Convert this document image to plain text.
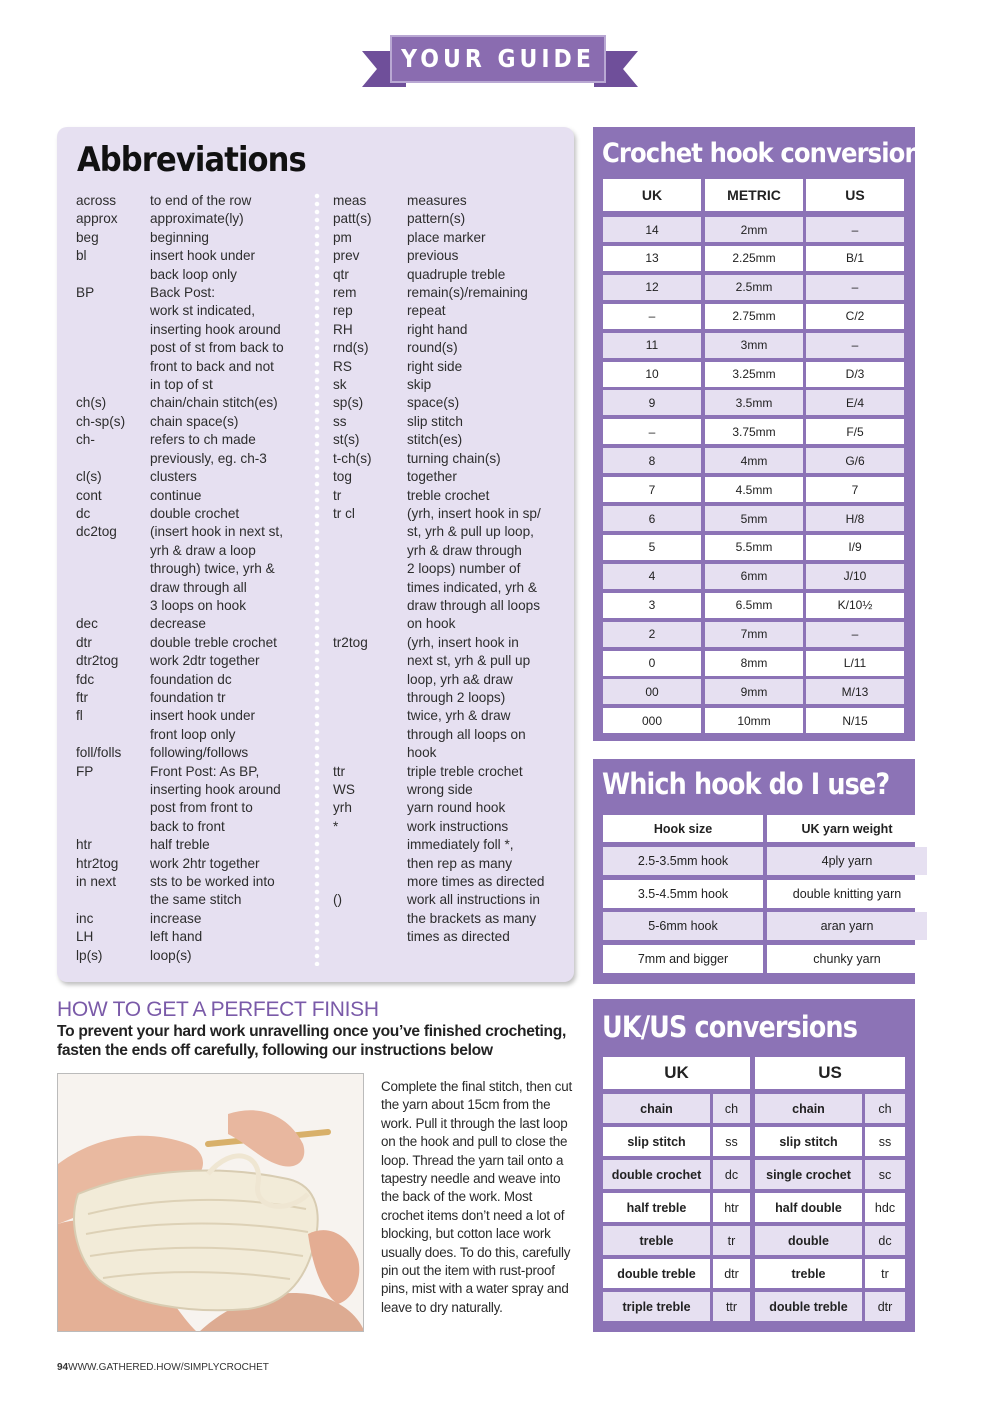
YOUR GUIDE
Abbreviations
across	to end of the row
approx	approximate(ly)
beg	beginning
bl	insert hook under
back loop only
BP	Back Post:
work st indicated,
inserting hook around
post of st from back to
front to back and not
in top of st
ch(s)	chain/chain stitch(es)
ch-sp(s)	chain space(s)
ch-	refers to ch made
previously, eg. ch-3
cl(s)	clusters
cont	continue
dc	double crochet
dc2tog	(insert hook in next st,
yrh & draw a loop
through) twice, yrh &
draw through all
3 loops on hook
dec	decrease
dtr	double treble crochet
dtr2tog	work 2dtr together
fdc	foundation dc
ftr	foundation tr
fl	insert hook under
front loop only
foll/folls	following/follows
FP	Front Post: As BP,
inserting hook around
post from front to
back to front
htr	half treble
htr2tog	work 2htr together
in next	sts to be worked into
the same stitch
inc	increase
LH	left hand
lp(s)	loop(s)
meas	measures
patt(s)	pattern(s)
pm	place marker
prev	previous
qtr	quadruple treble
rem	remain(s)/remaining
rep	repeat
RH	right hand
rnd(s)	round(s)
RS	right side
sk	skip
sp(s)	space(s)
ss	slip stitch
st(s)	stitch(es)
t-ch(s)	turning chain(s)
tog	together
tr	treble crochet
tr cl	(yrh, insert hook in sp/
st, yrh & pull up loop,
yrh & draw through
2 loops) number of
times indicated, yrh &
draw through all loops
on hook
tr2tog	(yrh, insert hook in
next st, yrh & pull up
loop, yrh a& draw
through 2 loops)
twice, yrh & draw
through all loops on
hook
ttr	triple treble crochet
WS	wrong side
yrh	yarn round hook
*	work instructions
immediately foll *,
then rep as many
more times as directed
()	work all instructions in
the brackets as many
times as directed
Crochet hook conversions
UK	METRIC	US
14	2mm	–
13	2.25mm	B/1
12	2.5mm	–
–	2.75mm	C/2
11	3mm	–
10	3.25mm	D/3
9	3.5mm	E/4
–	3.75mm	F/5
8	4mm	G/6
7	4.5mm	7
6	5mm	H/8
5	5.5mm	I/9
4	6mm	J/10
3	6.5mm	K/10½
2	7mm	–
0	8mm	L/11
00	9mm	M/13
000	10mm	N/15
Which hook do I use?
Hook size	UK yarn weight
2.5-3.5mm hook	4ply yarn
3.5-4.5mm hook	double knitting yarn
5-6mm hook	aran yarn
7mm and bigger	chunky yarn
UK/US conversions
UK	US
chain	ch	chain	ch
slip stitch	ss	slip stitch	ss
double crochet	dc	single crochet	sc
half treble	htr	half double	hdc
treble	tr	double	dc
double treble	dtr	treble	tr
triple treble	ttr	double treble	dtr
HOW TO GET A PERFECT FINISH
To prevent your hard work unravelling once you’ve finished crocheting, fasten the ends off carefully, following our instructions below
Complete the final stitch, then cut the yarn about 15cm from the work. Pull it through the last loop on the hook and pull to close the loop. Thread the yarn tail onto a tapestry needle and weave into the back of the work. Most crochet items don’t need a lot of blocking, but cotton lace work usually does. To do this, carefully pin out the item with rust-proof pins, mist with a water spray and leave to dry naturally.
94WWW.GATHERED.HOW/SIMPLYCROCHET
